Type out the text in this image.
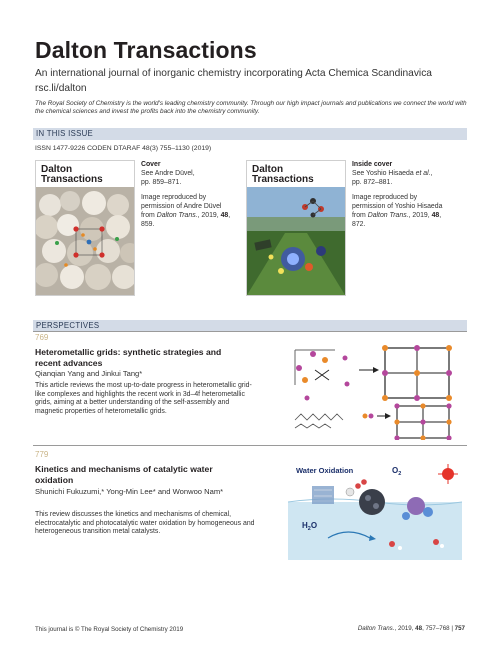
Dalton Transactions
An international journal of inorganic chemistry incorporating Acta Chemica Scandinavica
rsc.li/dalton
The Royal Society of Chemistry is the world's leading chemistry community. Through our high impact journals and publications we connect the world with the chemical sciences and invest the profits back into the chemistry community.
IN THIS ISSUE
ISSN 1477-9226 CODEN DTARAF 48(3) 755–1130 (2019)
Dalton Transactions
Cover
See Andre Düvel,
pp. 859–871.

Image reproduced by
permission of Andre Düvel
from Dalton Trans., 2019, 48,
859.
Dalton Transactions
Inside cover
See Yoshio Hisaeda et al.,
pp. 872–881.

Image reproduced by
permission of Yoshio Hisaeda
from Dalton Trans., 2019, 48,
872.
PERSPECTIVES
769
Heterometallic grids: synthetic strategies and recent advances
Qianqian Yang and Jinkui Tang*
This article reviews the most up-to-date progress in heterometallic grid-like complexes and highlights the recent work in 3d–4f heterometallic grids, aiming at a better understanding of the self-assembly and magnetic properties of heterometallic grids.
779
Kinetics and mechanisms of catalytic water oxidation
Shunichi Fukuzumi,* Yong-Min Lee* and Wonwoo Nam*
This review discusses the kinetics and mechanisms of chemical, electrocatalytic and photocatalytic water oxidation by homogeneous and heterogeneous transition metal catalysts.
Water Oxidation	$O_2$
$H_2O$
This journal is © The Royal Society of Chemistry 2019	Dalton Trans., 2019, 48, 757–768 | 757
